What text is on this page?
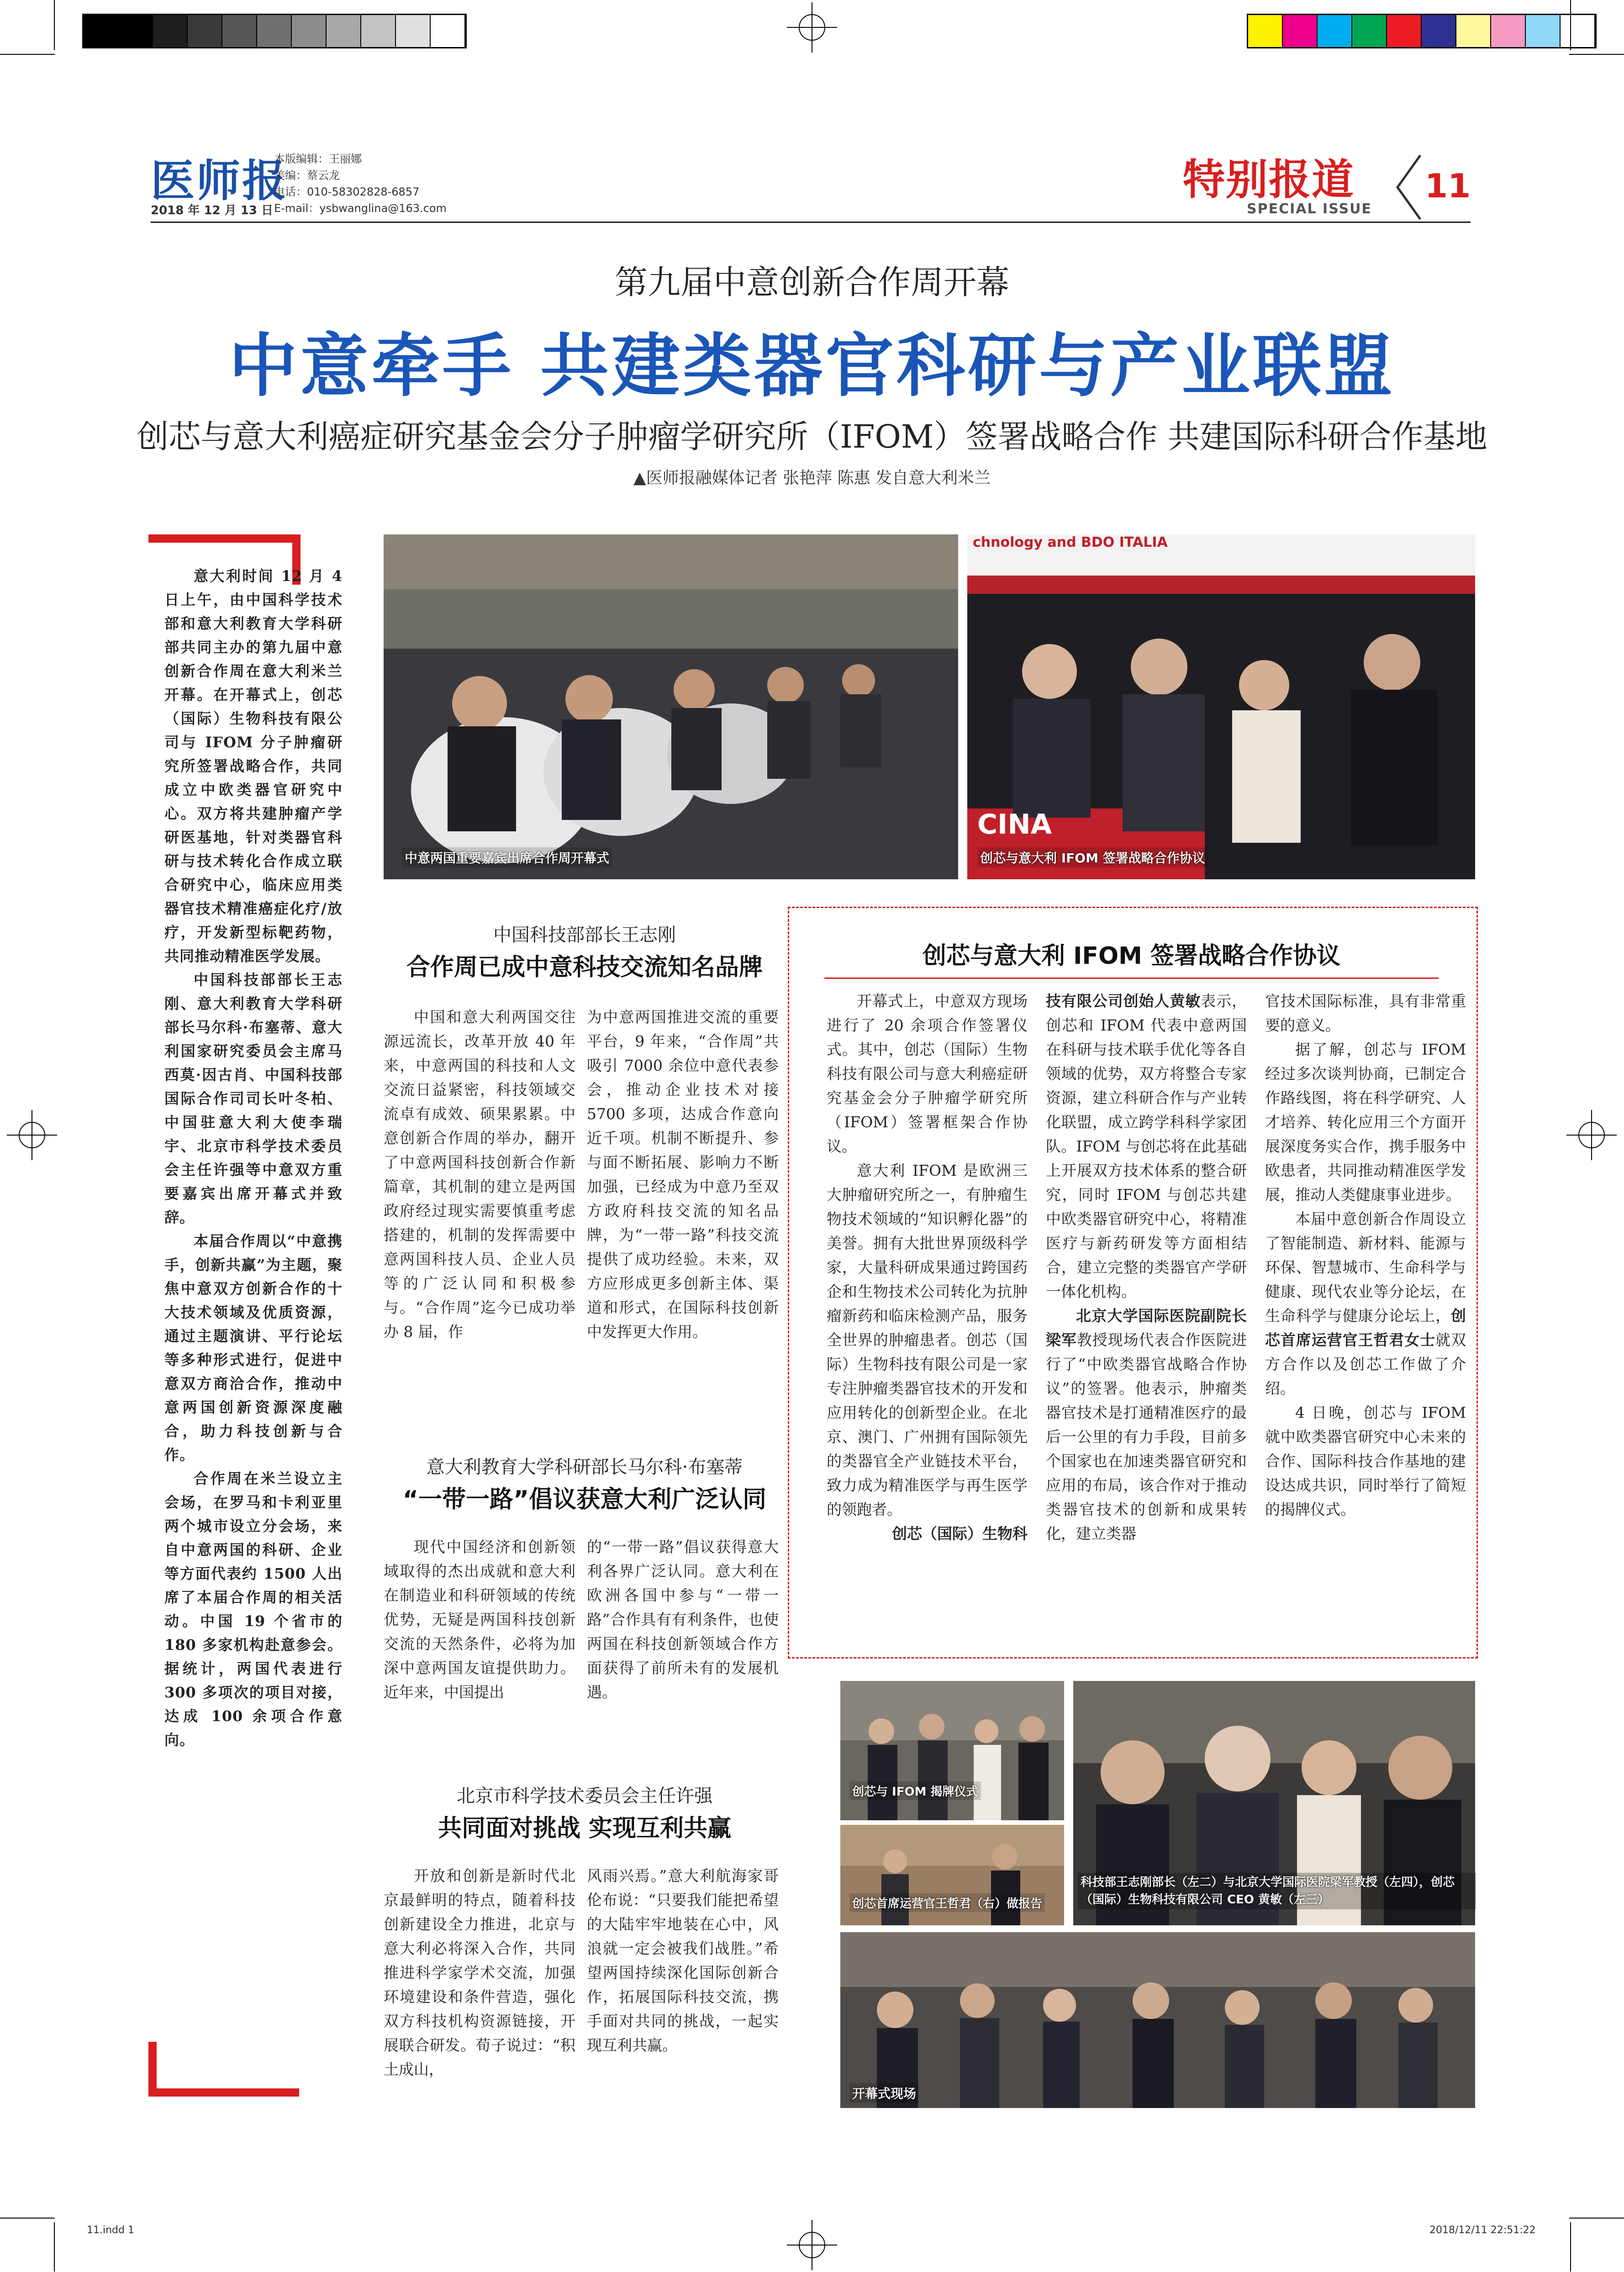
医师报
2018 年 12 月 13 日
本版编辑：王丽娜
美编：蔡云龙
电话：010-58302828-6857
E-mail：ysbwanglina@163.com
特别报道
SPECIAL ISSUE
11
第九届中意创新合作周开幕
中意牵手 共建类器官科研与产业联盟
创芯与意大利癌症研究基金会分子肿瘤学研究所（IFOM）签署战略合作 共建国际科研合作基地
▲医师报融媒体记者 张艳萍 陈惠 发自意大利米兰

意大利时间 12 月 4 日上午，由中国科学技术部和意大利教育大学科研部共同主办的第九届中意创新合作周在意大利米兰开幕。在开幕式上，创芯（国际）生物科技有限公司与 IFOM 分子肿瘤研究所签署战略合作，共同成立中欧类器官研究中心。双方将共建肿瘤产学研医基地，针对类器官科研与技术转化合作成立联合研究中心，临床应用类器官技术精准癌症化疗/放疗，开发新型标靶药物，共同推动精准医学发展。

中国科技部部长王志刚、意大利教育大学科研部长马尔科·布塞蒂、意大利国家研究委员会主席马西莫·因古肖、中国科技部国际合作司司长叶冬柏、中国驻意大利大使李瑞宇、北京市科学技术委员会主任许强等中意双方重要嘉宾出席开幕式并致辞。

本届合作周以“中意携手，创新共赢”为主题，聚焦中意双方创新合作的十大技术领域及优质资源，通过主题演讲、平行论坛等多种形式进行，促进中意双方商洽合作，推动中意两国创新资源深度融合，助力科技创新与合作。

合作周在米兰设立主会场，在罗马和卡利亚里两个城市设立分会场，来自中意两国的科研、企业等方面代表约 1500 人出席了本届合作周的相关活动。中国 19 个省市的 180 多家机构赴意参会。据统计，两国代表进行 300 多项次的项目对接，达成 100 余项合作意向。

中意两国重要嘉宾出席合作周开幕式
chnology and BDO ITALIA
CINA
创芯与意大利 IFOM 签署战略合作协议
中国科技部部长王志刚
合作周已成中意科技交流知名品牌

中国和意大利两国交往源远流长，改革开放 40 年来，中意两国的科技和人文交流日益紧密，科技领域交流卓有成效、硕果累累。中意创新合作周的举办，翻开了中意两国科技创新合作新篇章，其机制的建立是两国政府经过现实需要慎重考虑搭建的，机制的发挥需要中意两国科技人员、企业人员等的广泛认同和积极参与。“合作周”迄今已成功举办 8 届，作

为中意两国推进交流的重要平台，9 年来，“合作周”共吸引 7000 余位中意代表参会，推动企业技术对接 5700 多项，达成合作意向近千项。机制不断提升、参与面不断拓展、影响力不断加强，已经成为中意乃至双方政府科技交流的知名品牌，为“一带一路”科技交流提供了成功经验。未来，双方应形成更多创新主体、渠道和形式，在国际科技创新中发挥更大作用。

意大利教育大学科研部长马尔科·布塞蒂
“一带一路”倡议获意大利广泛认同

现代中国经济和创新领域取得的杰出成就和意大利在制造业和科研领域的传统优势，无疑是两国科技创新交流的天然条件，必将为加深中意两国友谊提供助力。近年来，中国提出

的“一带一路”倡议获得意大利各界广泛认同。意大利在欧洲各国中参与“一带一路”合作具有有利条件，也使两国在科技创新领域合作方面获得了前所未有的发展机遇。

北京市科学技术委员会主任许强
共同面对挑战 实现互利共赢

开放和创新是新时代北京最鲜明的特点，随着科技创新建设全力推进，北京与意大利必将深入合作，共同推进科学家学术交流，加强环境建设和条件营造，强化双方科技机构资源链接，开展联合研发。荀子说过：“积土成山，

风雨兴焉。”意大利航海家哥伦布说：“只要我们能把希望的大陆牢牢地装在心中，风浪就一定会被我们战胜。”希望两国持续深化国际创新合作，拓展国际科技交流，携手面对共同的挑战，一起实现互利共赢。

创芯与意大利 IFOM 签署战略合作协议

开幕式上，中意双方现场进行了 20 余项合作签署仪式。其中，创芯（国际）生物科技有限公司与意大利癌症研究基金会分子肿瘤学研究所（IFOM）签署框架合作协议。

意大利 IFOM 是欧洲三大肿瘤研究所之一，有肿瘤生物技术领域的“知识孵化器”的美誉。拥有大批世界顶级科学家，大量科研成果通过跨国药企和生物技术公司转化为抗肿瘤新药和临床检测产品，服务全世界的肿瘤患者。创芯（国际）生物科技有限公司是一家专注肿瘤类器官技术的开发和应用转化的创新型企业。在北京、澳门、广州拥有国际领先的类器官全产业链技术平台，致力成为精准医学与再生医学的领跑者。

创芯（国际）生物科

技有限公司创始人黄敏表示，创芯和 IFOM 代表中意两国在科研与技术联手优化等各自领域的优势，双方将整合专家资源，建立科研合作与产业转化联盟，成立跨学科科学家团队。IFOM 与创芯将在此基础上开展双方技术体系的整合研究，同时 IFOM 与创芯共建中欧类器官研究中心，将精准医疗与新药研发等方面相结合，建立完整的类器官产学研一体化机构。

北京大学国际医院副院长梁军教授现场代表合作医院进行了“中欧类器官战略合作协议”的签署。他表示，肿瘤类器官技术是打通精准医疗的最后一公里的有力手段，目前多个国家也在加速类器官研究和应用的布局，该合作对于推动类器官技术的创新和成果转化，建立类器

官技术国际标准，具有非常重要的意义。

据了解，创芯与 IFOM 经过多次谈判协商，已制定合作路线图，将在科学研究、人才培养、转化应用三个方面开展深度务实合作，携手服务中欧患者，共同推动精准医学发展，推动人类健康事业进步。

本届中意创新合作周设立了智能制造、新材料、能源与环保、智慧城市、生命科学与健康、现代农业等分论坛，在生命科学与健康分论坛上，创芯首席运营官王哲君女士就双方合作以及创芯工作做了介绍。

4 日晚，创芯与 IFOM 就中欧类器官研究中心未来的合作、国际科技合作基地的建设达成共识，同时举行了简短的揭牌仪式。

创芯与 IFOM 揭牌仪式
创芯首席运营官王哲君（右）做报告
科技部王志刚部长（左二）与北京大学国际医院梁军教授（左四），创芯（国际）生物科技有限公司 CEO 黄敏（左三）
开幕式现场
11.indd 1	2018/12/11 22:51:22
